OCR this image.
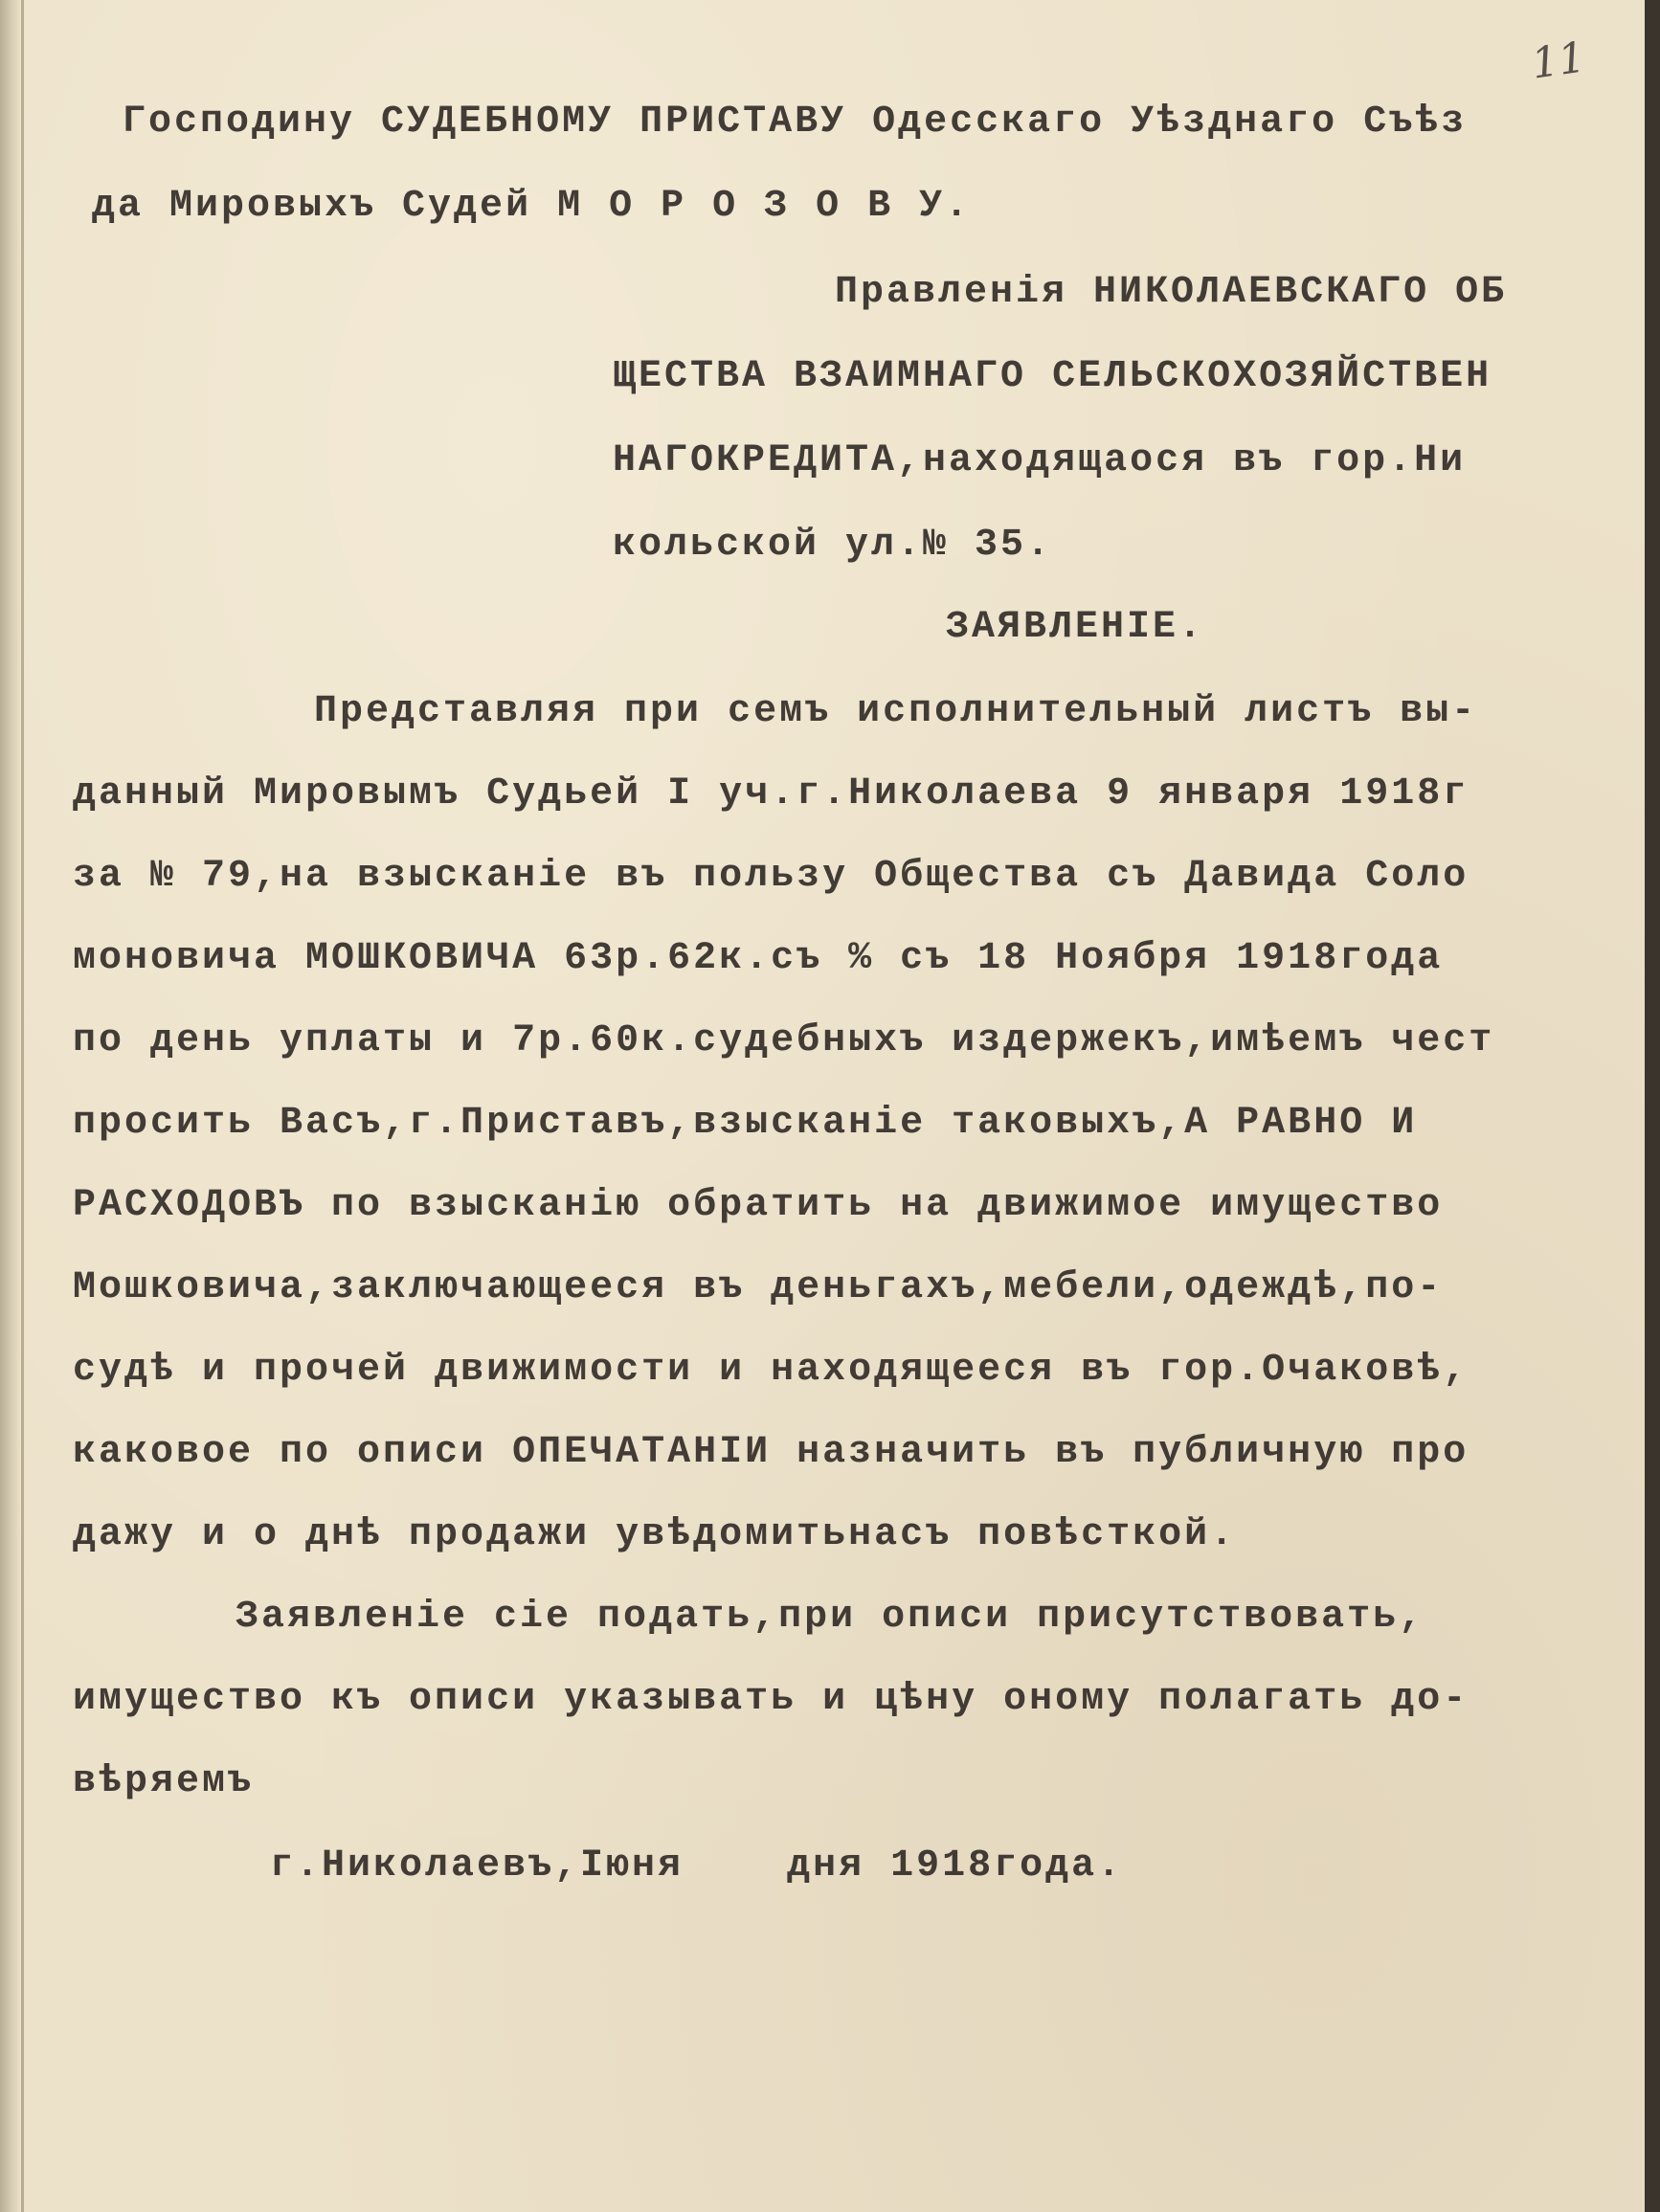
11

Господину СУДЕБНОМУ ПРИСТАВУ Одесскаго Уѣзднаго Съѣз

да Мировыхъ Судей М О Р О З О В У.

Правленія НИКОЛАЕВСКАГО ОБ

ЩЕСТВА ВЗАИМНАГО СЕЛЬСКОХОЗЯЙСТВЕН

НАГОКРЕДИТА,находящаося въ гор.Ни

кольской ул.№ 35.

ЗАЯВЛЕНІЕ.

Представляя при семъ исполнительный листъ вы-

данный Мировымъ Судьей I уч.г.Николаева 9 января 1918г

за № 79,на взысканіе въ пользу Общества съ Давида Соло

моновича МОШКОВИЧА 63р.62к.съ % съ 18 Ноября 1918года

по день уплаты и 7р.60к.судебныхъ издержекъ,имѣемъ чест

просить Васъ,г.Приставъ,взысканіе таковыхъ,А РАВНО И

РАСХОДОВЪ по взысканію обратить на движимое имущество

Мошковича,заключающееся въ деньгахъ,мебели,одеждѣ,по-

судѣ и прочей движимости и находящееся въ гор.Очаковѣ,

каковое по описи ОПЕЧАТАНІИ назначить въ публичную про

дажу и о днѣ продажи увѣдомитьнасъ повѣсткой.

Заявленіе сіе подать,при описи присутствовать,

имущество къ описи указывать и цѣну оному полагать до-

вѣряемъ

г.Николаевъ,Іюня    дня 1918года.
